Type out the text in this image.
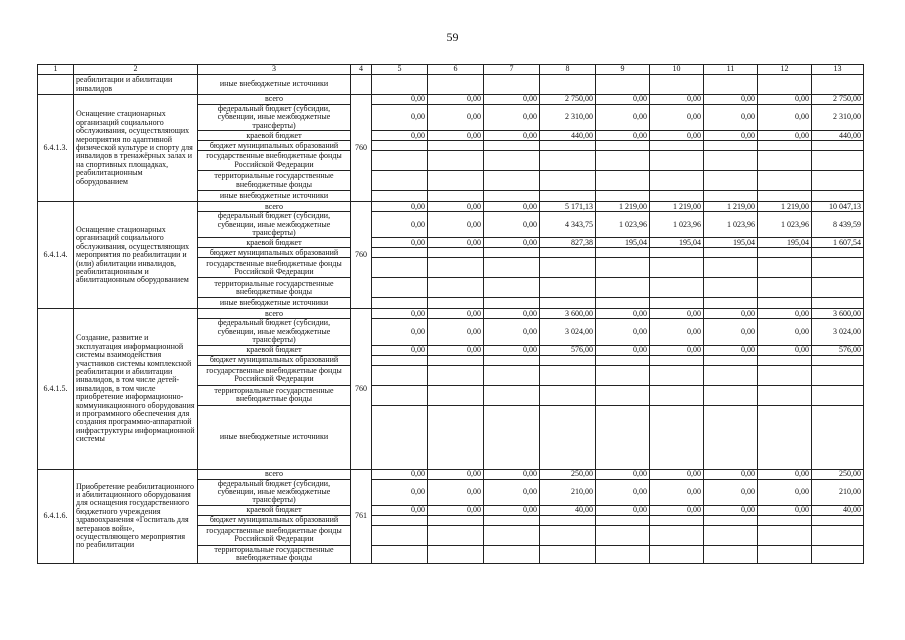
59
1	2	3	4	5	6	7	8	9	10	11	12	13
	реабилитации и абилитации инвалидов	иные внебюджетные источники										
6.4.1.3.	Оснащение стационарных организаций социального обслуживания, осуществляющих мероприятия по адаптивной физической культуре и спорту для инвалидов в тренажёрных залах и на спортивных площадках, реабилитационным оборудованием	всего	760	0,00	0,00	0,00	2 750,00	0,00	0,00	0,00	0,00	2 750,00
		федеральный бюджет (субсидии, субвенции, иные межбюджетные трансферты)		0,00	0,00	0,00	2 310,00	0,00	0,00	0,00	0,00	2 310,00
		краевой бюджет		0,00	0,00	0,00	440,00	0,00	0,00	0,00	0,00	440,00
		бюджет муниципальных образований										
		государственные внебюджетные фонды Российской Федерации										
		территориальные государственные внебюджетные фонды										
		иные внебюджетные источники										
6.4.1.4.	Оснащение стационарных организаций социального обслуживания, осуществляющих мероприятия по реабилитации и (или) абилитации инвалидов, реабилитационным и абилитационным оборудованием	всего	760	0,00	0,00	0,00	5 171,13	1 219,00	1 219,00	1 219,00	1 219,00	10 047,13
		федеральный бюджет (субсидии, субвенции, иные межбюджетные трансферты)		0,00	0,00	0,00	4 343,75	1 023,96	1 023,96	1 023,96	1 023,96	8 439,59
		краевой бюджет		0,00	0,00	0,00	827,38	195,04	195,04	195,04	195,04	1 607,54
		бюджет муниципальных образований										
		государственные внебюджетные фонды Российской Федерации										
		территориальные государственные внебюджетные фонды										
		иные внебюджетные источники										
6.4.1.5.	Создание, развитие и эксплуатация информационной системы взаимодействия участников системы комплексной реабилитации и абилитации инвалидов, в том числе детей-инвалидов, в том числе приобретение информационно-коммуникационного оборудования и программного обеспечения для создания программно-аппаратной инфраструктуры информационной системы	всего	760	0,00	0,00	0,00	3 600,00	0,00	0,00	0,00	0,00	3 600,00
		федеральный бюджет (субсидии, субвенции, иные межбюджетные трансферты)		0,00	0,00	0,00	3 024,00	0,00	0,00	0,00	0,00	3 024,00
		краевой бюджет		0,00	0,00	0,00	576,00	0,00	0,00	0,00	0,00	576,00
		бюджет муниципальных образований										
		государственные внебюджетные фонды Российской Федерации										
		территориальные государственные внебюджетные фонды										
		иные внебюджетные источники										
6.4.1.6.	Приобретение реабилитационного и абилитационного оборудования для оснащения государственного бюджетного учреждения здравоохранения «Госпиталь для ветеранов войн», осуществляющего мероприятия по реабилитации	всего	761	0,00	0,00	0,00	250,00	0,00	0,00	0,00	0,00	250,00
		федеральный бюджет (субсидии, субвенции, иные межбюджетные трансферты)		0,00	0,00	0,00	210,00	0,00	0,00	0,00	0,00	210,00
		краевой бюджет		0,00	0,00	0,00	40,00	0,00	0,00	0,00	0,00	40,00
		бюджет муниципальных образований										
		государственные внебюджетные фонды Российской Федерации										
		территориальные государственные внебюджетные фонды										
